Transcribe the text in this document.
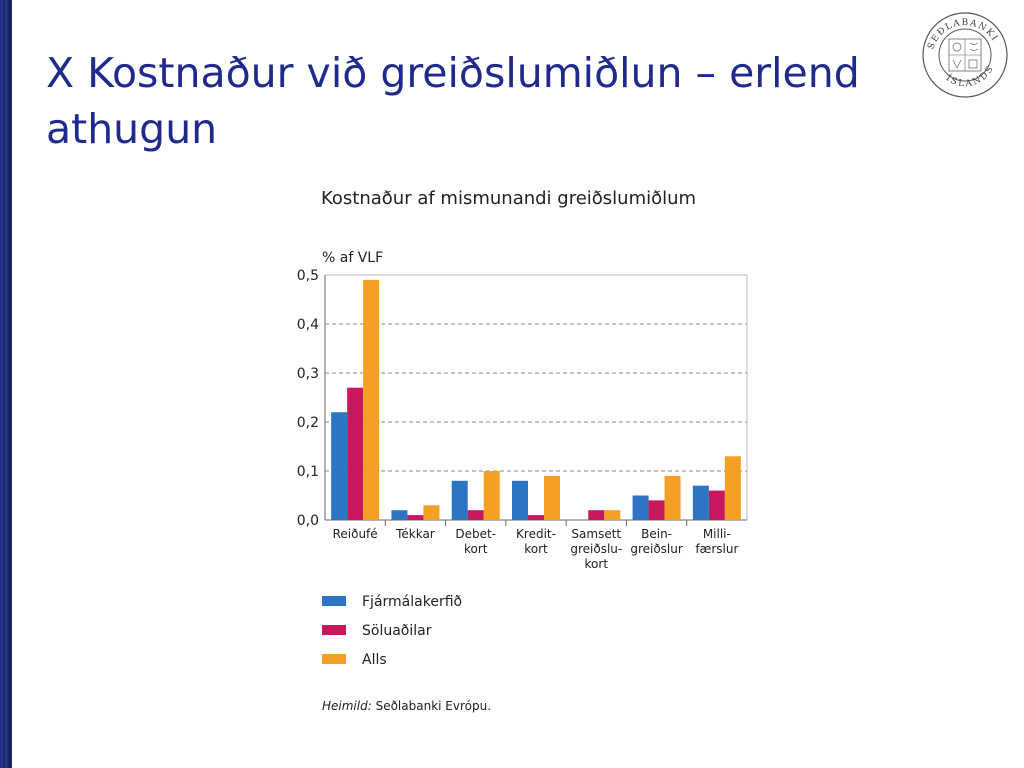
X Kostnaður við greiðslumiðlun – erlend athugun
SEÐLABANKI
ÍSLANDS
Kostnaður af mismunandi greiðslumiðlum
% af VLF
0,0
0,1
0,2
0,3
0,4
0,5
Reiðufé Tékkar Debet-
kort
Kredit-
kort
Samsett
greiðslu-
kort
Bein-
greiðslur
Milli-
færslur
Fjármálakerfið
Söluaðilar
Alls
Heimild: Seðlabanki Evrópu.
